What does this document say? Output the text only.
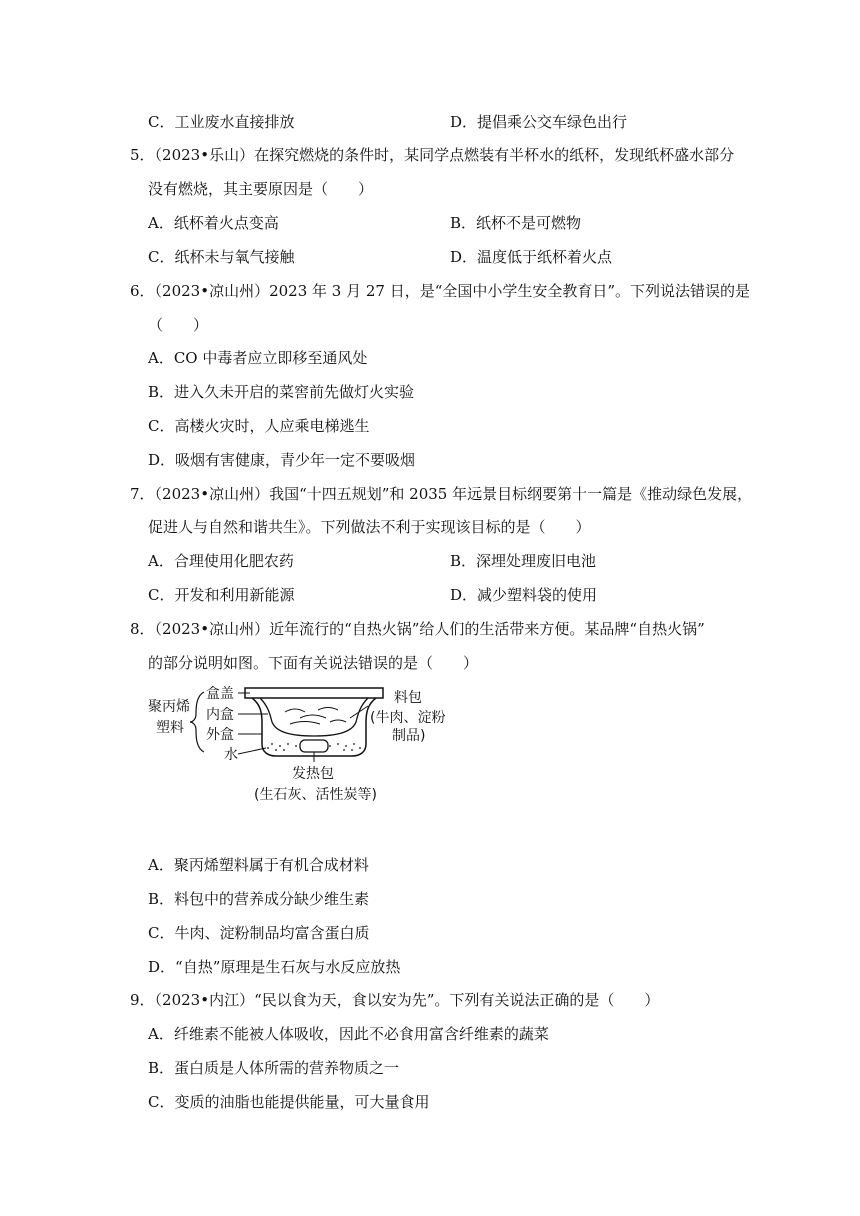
C．工业废水直接排放	D．提倡乘公交车绿色出行
5．（2023•乐山）在探究燃烧的条件时，某同学点燃装有半杯水的纸杯，发现纸杯盛水部分
没有燃烧，其主要原因是（　　）
A．纸杯着火点变高	B．纸杯不是可燃物
C．纸杯未与氧气接触	D．温度低于纸杯着火点
6．（2023•凉山州）2023 年 3 月 27 日，是“全国中小学生安全教育日”。下列说法错误的是
（　　）
A．CO 中毒者应立即移至通风处
B．进入久未开启的菜窖前先做灯火实验
C．高楼火灾时，人应乘电梯逃生
D．吸烟有害健康，青少年一定不要吸烟
7．（2023•凉山州）我国“十四五规划”和 2035 年远景目标纲要第十一篇是《推动绿色发展，
促进人与自然和谐共生》。下列做法不利于实现该目标的是（　　）
A．合理使用化肥农药	B．深埋处理废旧电池
C．开发和利用新能源	D．减少塑料袋的使用
8．（2023•凉山州）近年流行的“自热火锅”给人们的生活带来方便。某品牌“自热火锅”
的部分说明如图。下面有关说法错误的是（　　）
聚丙烯
塑料
盒盖
内盒
外盒
水
料包
(牛肉、淀粉
制品)
发热包
(生石灰、活性炭等)
A．聚丙烯塑料属于有机合成材料
B．料包中的营养成分缺少维生素
C．牛肉、淀粉制品均富含蛋白质
D．“自热”原理是生石灰与水反应放热
9．（2023•内江）“民以食为天，食以安为先”。下列有关说法正确的是（　　）
A．纤维素不能被人体吸收，因此不必食用富含纤维素的蔬菜
B．蛋白质是人体所需的营养物质之一
C．变质的油脂也能提供能量，可大量食用
